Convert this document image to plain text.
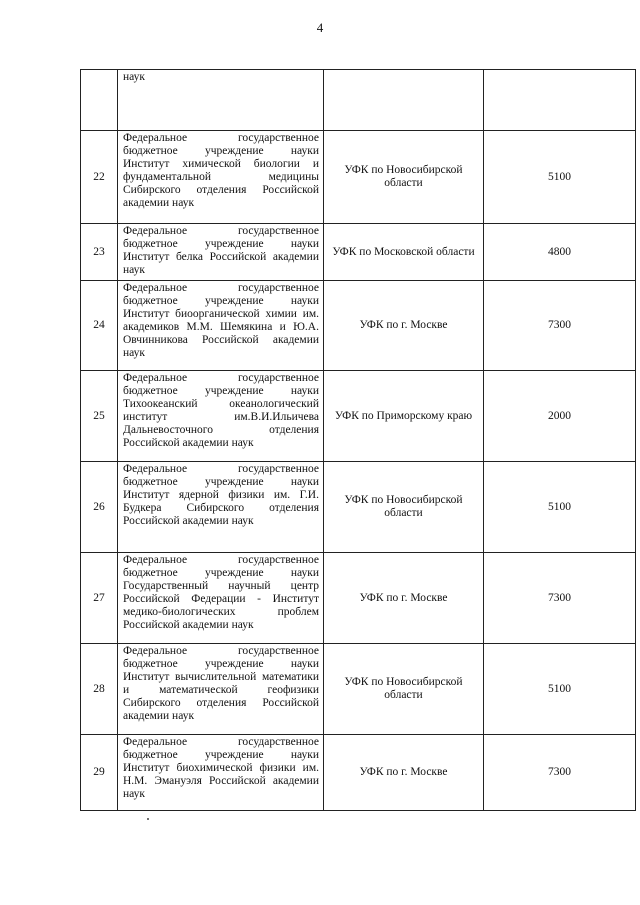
4
	наук		
22	Федеральное государственное бюджетное учреждение науки Институт химической биологии и фундаментальной медицины Сибирского отделения Российской академии наук	УФК по Новосибирской области	5100
23	Федеральное государственное бюджетное учреждение науки Институт белка Российской академии наук	УФК по Московской области	4800
24	Федеральное государственное бюджетное учреждение науки Институт биоорганической химии им. академиков М.М. Шемякина и Ю.А. Овчинникова Российской академии наук	УФК по г. Москве	7300
25	Федеральное государственное бюджетное учреждение науки Тихоокеанский океанологический институт им.В.И.Ильичева Дальневосточного отделения Российской академии наук	УФК по Приморскому краю	2000
26	Федеральное государственное бюджетное учреждение науки Институт ядерной физики им. Г.И. Будкера Сибирского отделения Российской академии наук	УФК по Новосибирской области	5100
27	Федеральное государственное бюджетное учреждение науки Государственный научный центр Российской Федерации - Институт медико-биологических проблем Российской академии наук	УФК по г. Москве	7300
28	Федеральное государственное бюджетное учреждение науки Институт вычислительной математики и математической геофизики Сибирского отделения Российской академии наук	УФК по Новосибирской области	5100
29	Федеральное государственное бюджетное учреждение науки Институт биохимической физики им. Н.М. Эмануэля Российской академии наук	УФК по г. Москве	7300
